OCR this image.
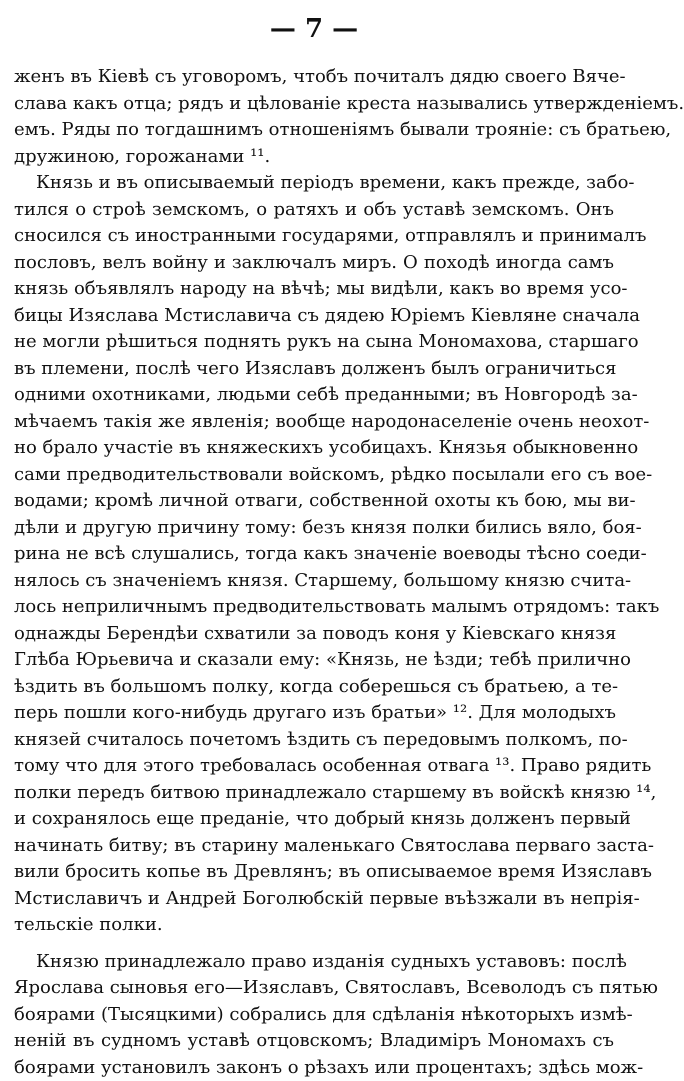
— 7 —
женъ въ Кіевѣ съ уговоромъ, чтобъ почиталъ дядю своего Вяче-
слава какъ отца; рядъ и цѣлованіе креста назывались утвержденіемъ.
емъ. Ряды по тогдашнимъ отношеніямъ бывали трояніе: съ братьею,
дружиною, горожанами ¹¹.
Князь и въ описываемый періодъ времени, какъ прежде, забо-
тился о строѣ земскомъ, о ратяхъ и объ уставѣ земскомъ. Онъ
сносился съ иностранными государями, отправлялъ и принималъ
пословъ, велъ войну и заключалъ миръ. О походѣ иногда самъ
князь объявлялъ народу на вѣчѣ; мы видѣли, какъ во время усо-
бицы Изяслава Мстиславича съ дядею Юріемъ Кіевляне сначала
не могли рѣшиться поднять рукъ на сына Мономахова, старшаго
въ племени, послѣ чего Изяславъ долженъ былъ ограничиться
одними охотниками, людьми себѣ преданными; въ Новгородѣ за-
мѣчаемъ такія же явленія; вообще народонаселеніе очень неохот-
но брало участіе въ княжескихъ усобицахъ. Князья обыкновенно
сами предводительствовали войскомъ, рѣдко посылали его съ вое-
водами; кромѣ личной отваги, собственной охоты къ бою, мы ви-
дѣли и другую причину тому: безъ князя полки бились вяло, боя-
рина не всѣ слушались, тогда какъ значеніе воеводы тѣсно соеди-
нялось съ значеніемъ князя. Старшему, большому князю счита-
лось неприличнымъ предводительствовать малымъ отрядомъ: такъ
однажды Берендѣи схватили за поводъ коня у Кіевскаго князя
Глѣба Юрьевича и сказали ему: «Князь, не ѣзди; тебѣ прилично
ѣздить въ большомъ полку, когда соберешься съ братьею, а те-
перь пошли кого-нибудь другаго изъ братьи» ¹². Для молодыхъ
князей считалось почетомъ ѣздить съ передовымъ полкомъ, по-
тому что для этого требовалась особенная отвага ¹³. Право рядить
полки передъ битвою принадлежало старшему въ войскѣ князю ¹⁴,
и сохранялось еще преданіе, что добрый князь долженъ первый
начинать битву; въ старину маленькаго Святослава перваго заста-
вили бросить копье въ Древлянъ; въ описываемое время Изяславъ
Мстиславичъ и Андрей Боголюбскій первые въѣзжали въ непрія-
тельскіе полки.
Князю принадлежало право изданія судныхъ уставовъ: послѣ
Ярослава сыновья его—Изяславъ, Святославъ, Всеволодъ съ пятью
боярами (Тысяцкими) собрались для сдѣланія нѣкоторыхъ измѣ-
неній въ судномъ уставѣ отцовскомъ; Владиміръ Мономахъ съ
боярами установилъ законъ о рѣзахъ или процентахъ; здѣсь мож-
